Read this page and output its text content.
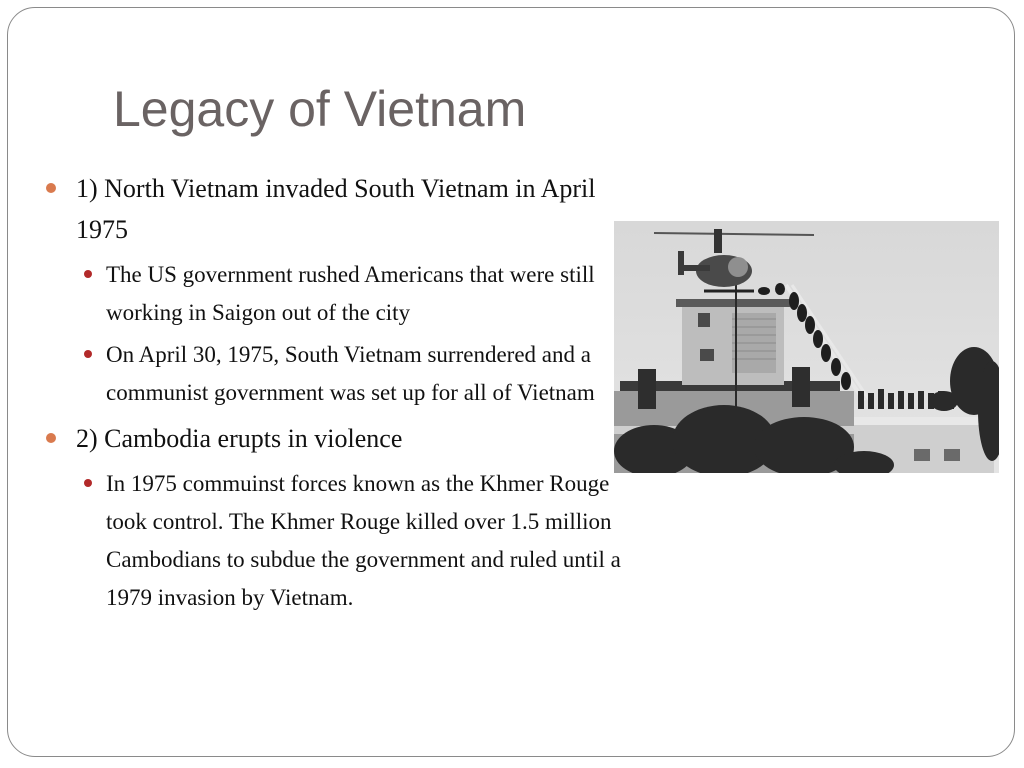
Legacy of Vietnam
1) North Vietnam invaded South Vietnam in April 1975
The US government rushed Americans that were still working in Saigon out of the city
On April 30, 1975, South Vietnam surrendered and a communist government was set up for all of Vietnam
2) Cambodia erupts in violence
In 1975 commuinst forces known as the Khmer Rouge took control. The Khmer Rouge killed over 1.5 million Cambodians to subdue the government and ruled until a 1979 invasion by Vietnam.
